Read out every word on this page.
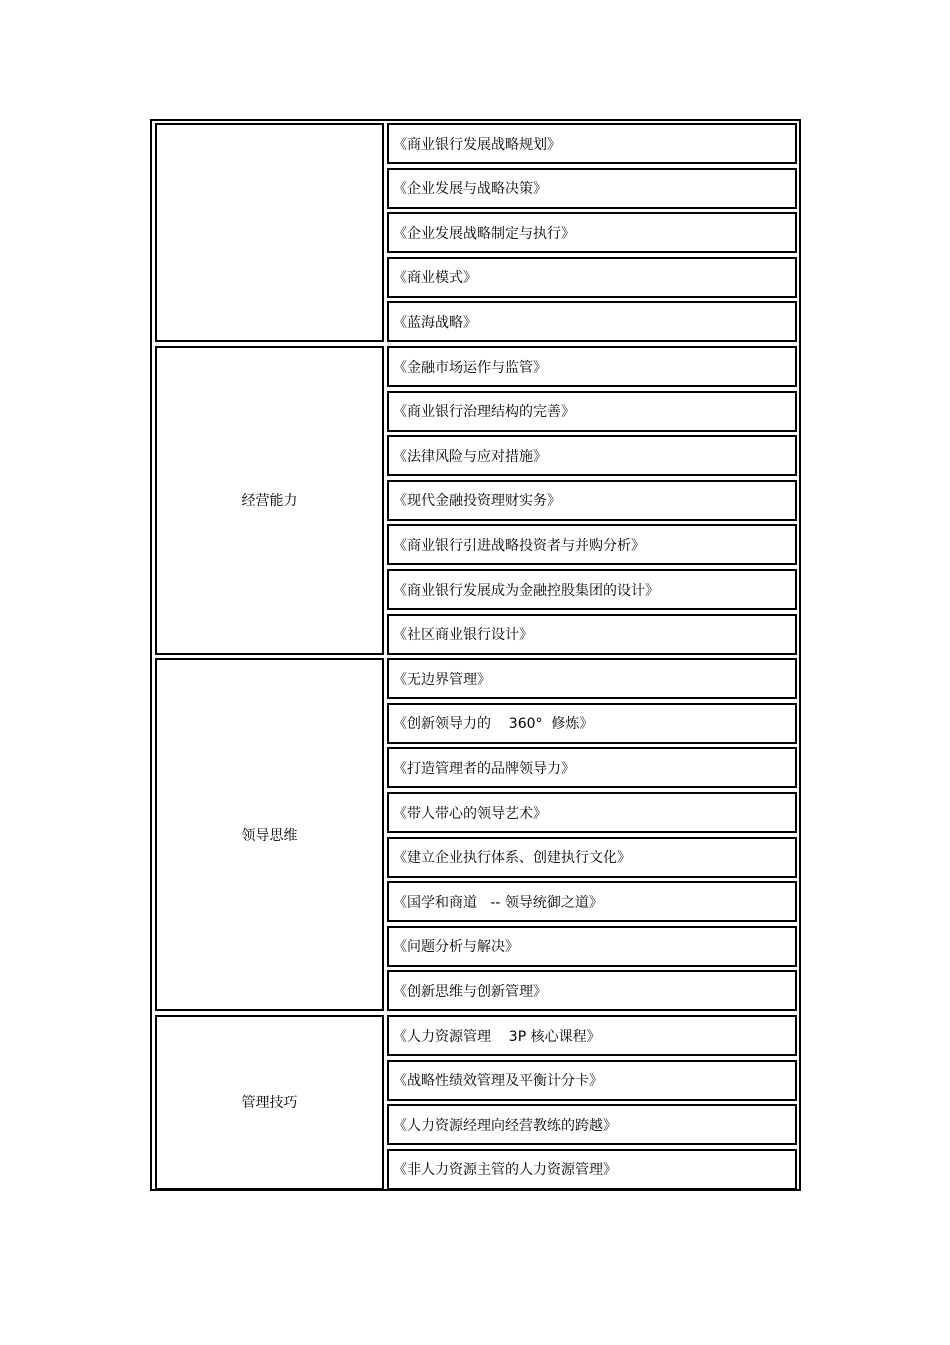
《商业银行发展战略规划》
《企业发展与战略决策》
《企业发展战略制定与执行》
《商业模式》
《蓝海战略》
经营能力
《金融市场运作与监管》
《商业银行治理结构的完善》
《法律风险与应对措施》
《现代金融投资理财实务》
《商业银行引进战略投资者与并购分析》
《商业银行发展成为金融控股集团的设计》
《社区商业银行设计》
领导思维
《无边界管理》
《创新领导力的    360°  修炼》
《打造管理者的品牌领导力》
《带人带心的领导艺术》
《建立企业执行体系、创建执行文化》
《国学和商道   -- 领导统御之道》
《问题分析与解决》
《创新思维与创新管理》
管理技巧
《人力资源管理    3P 核心课程》
《战略性绩效管理及平衡计分卡》
《人力资源经理向经营教练的跨越》
《非人力资源主管的人力资源管理》
